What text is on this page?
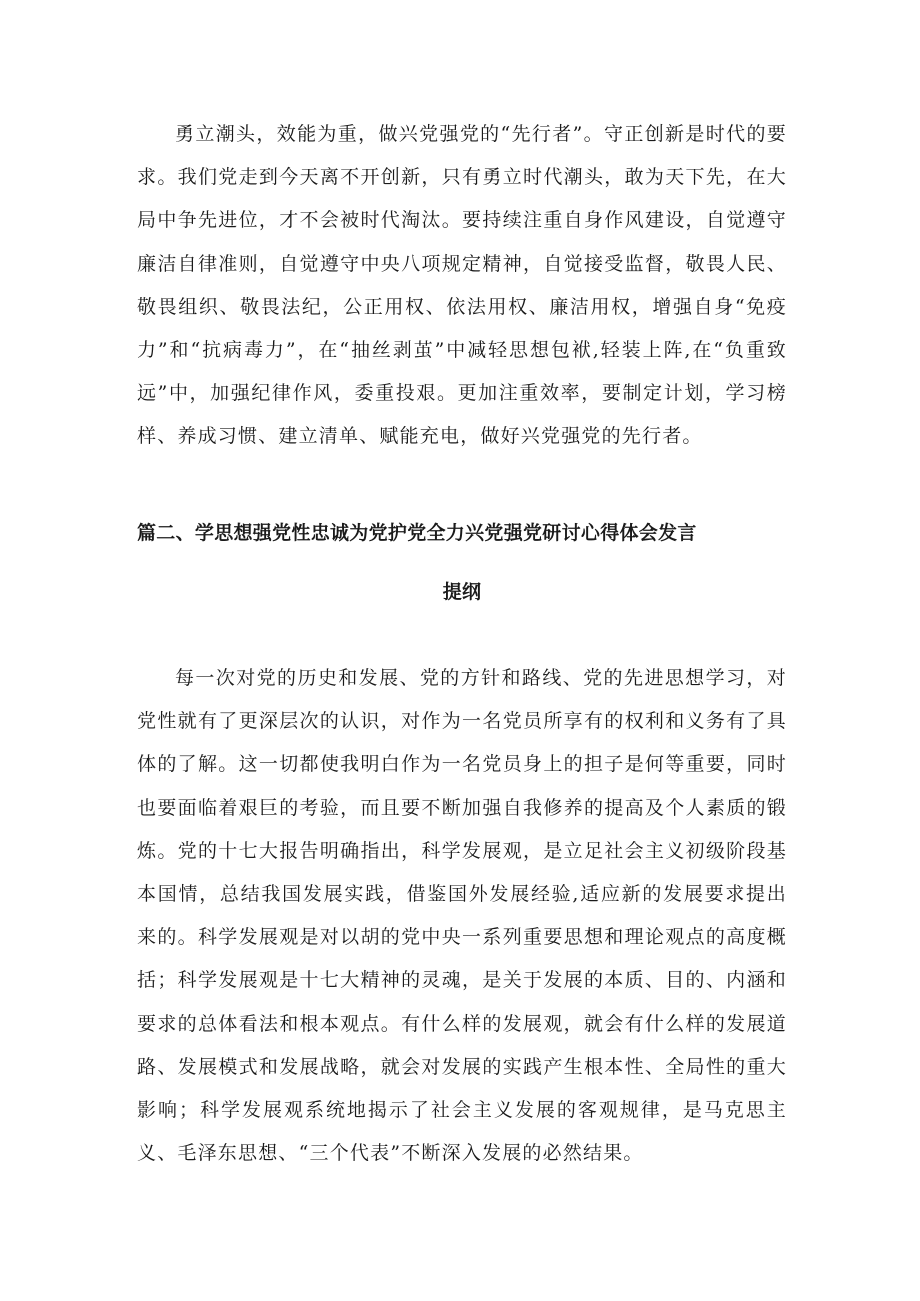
勇立潮头，效能为重，做兴党强党的“先行者”。守正创新是时代的要求。我们党走到今天离不开创新，只有勇立时代潮头，敢为天下先，在大局中争先进位，才不会被时代淘汰。要持续注重自身作风建设，自觉遵守廉洁自律准则，自觉遵守中央八项规定精神，自觉接受监督，敬畏人民、敬畏组织、敬畏法纪，公正用权、依法用权、廉洁用权，增强自身“免疫力”和“抗病毒力”，在“抽丝剥茧”中减轻思想包袱,轻装上阵,在“负重致远”中，加强纪律作风，委重投艰。更加注重效率，要制定计划，学习榜样、养成习惯、建立清单、赋能充电，做好兴党强党的先行者。

篇二、学思想强党性忠诚为党护党全力兴党强党研讨心得体会发言
提纲

每一次对党的历史和发展、党的方针和路线、党的先进思想学习，对党性就有了更深层次的认识，对作为一名党员所享有的权利和义务有了具体的了解。这一切都使我明白作为一名党员身上的担子是何等重要，同时也要面临着艰巨的考验，而且要不断加强自我修养的提高及个人素质的锻炼。党的十七大报告明确指出，科学发展观，是立足社会主义初级阶段基本国情，总结我国发展实践，借鉴国外发展经验,适应新的发展要求提出来的。科学发展观是对以胡的党中央一系列重要思想和理论观点的高度概括；科学发展观是十七大精神的灵魂，是关于发展的本质、目的、内涵和要求的总体看法和根本观点。有什么样的发展观，就会有什么样的发展道路、发展模式和发展战略，就会对发展的实践产生根本性、全局性的重大影响；科学发展观系统地揭示了社会主义发展的客观规律，是马克思主义、毛泽东思想、“三个代表”不断深入发展的必然结果。
